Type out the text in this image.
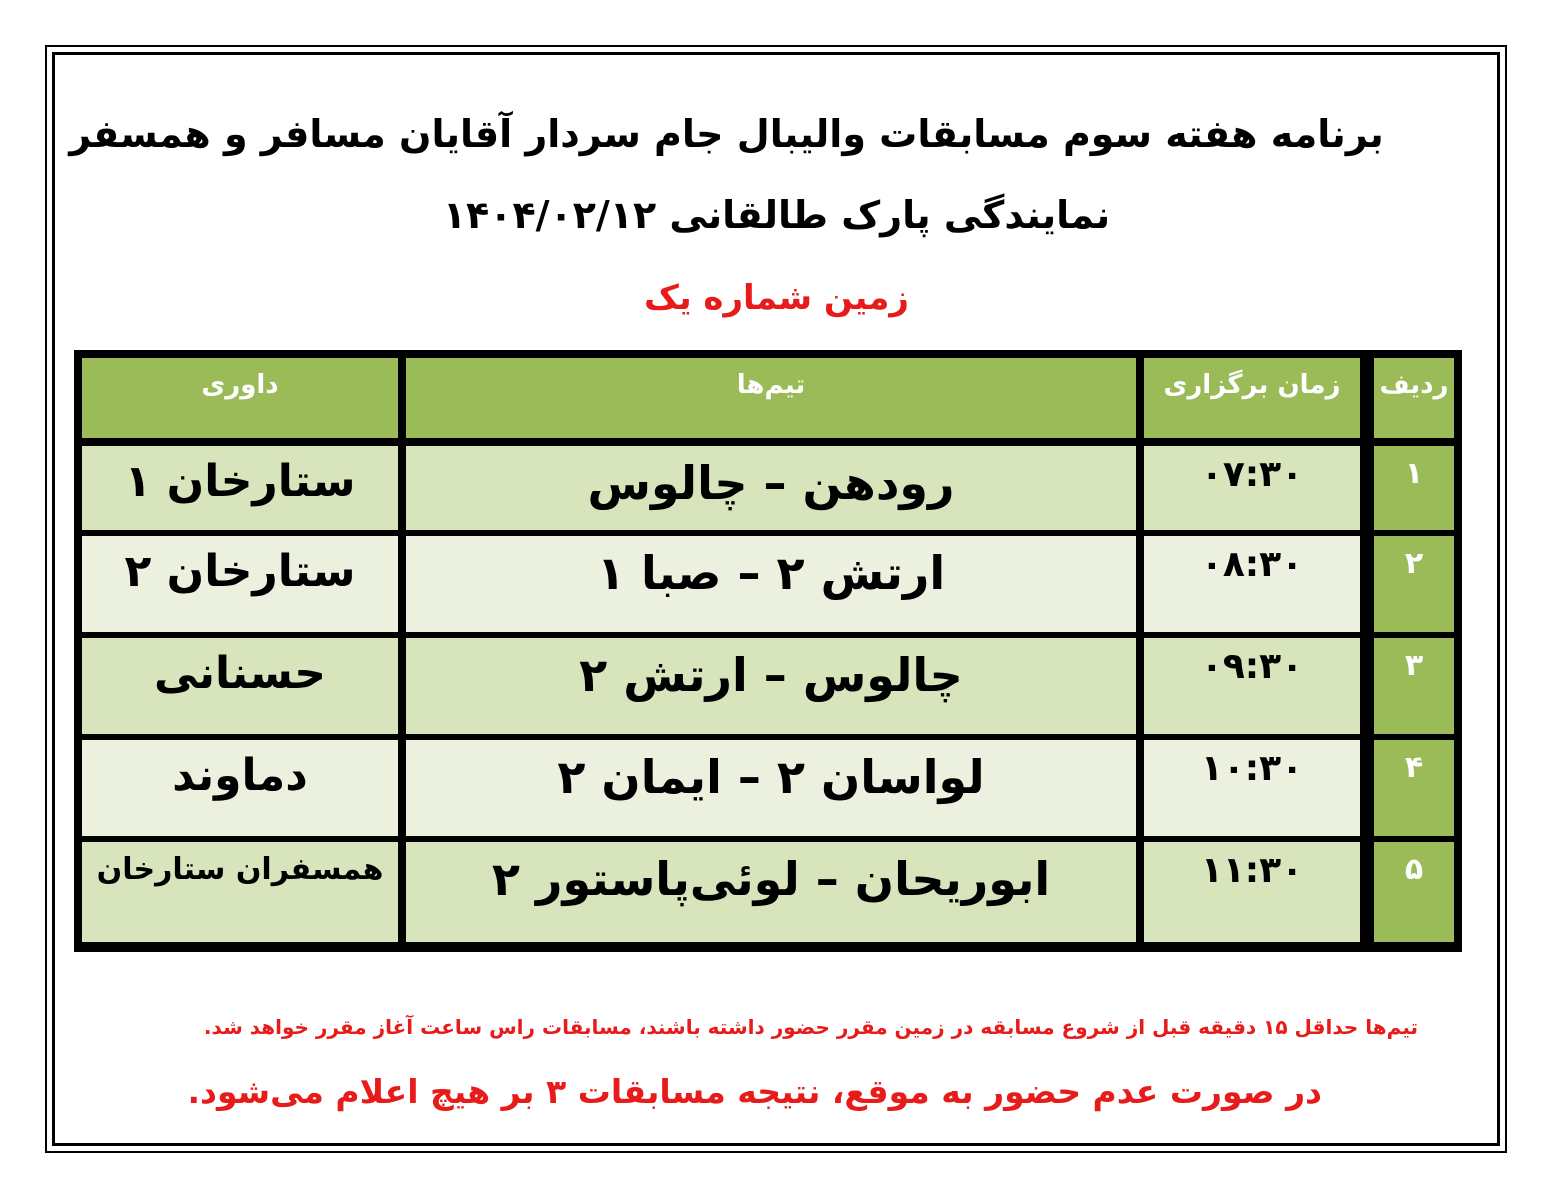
برنامه هفته سوم مسابقات والیبال جام سردار آقایان مسافر و همسفر
نمایندگی پارک طالقانی ۱۴۰۴/۰۲/۱۲
زمین شماره یک
ردیف
زمان برگزاری
تیم‌ها
داوری
۱
۰۷:۳۰
رودهن – چالوس
ستارخان ۱
۲
۰۸:۳۰
ارتش ۲ – صبا ۱
ستارخان ۲
۳
۰۹:۳۰
چالوس – ارتش ۲
حسنانی
۴
۱۰:۳۰
لواسان ۲ – ایمان ۲
دماوند
۵
۱۱:۳۰
ابوریحان – لوئی‌پاستور ۲
همسفران ستارخان
تیم‌ها حداقل ۱۵ دقیقه قبل از شروع مسابقه در زمین مقرر حضور داشته باشند، مسابقات راس ساعت آغاز مقرر خواهد شد.
در صورت عدم حضور به موقع، نتیجه مسابقات ۳ بر هیچ اعلام می‌شود.
